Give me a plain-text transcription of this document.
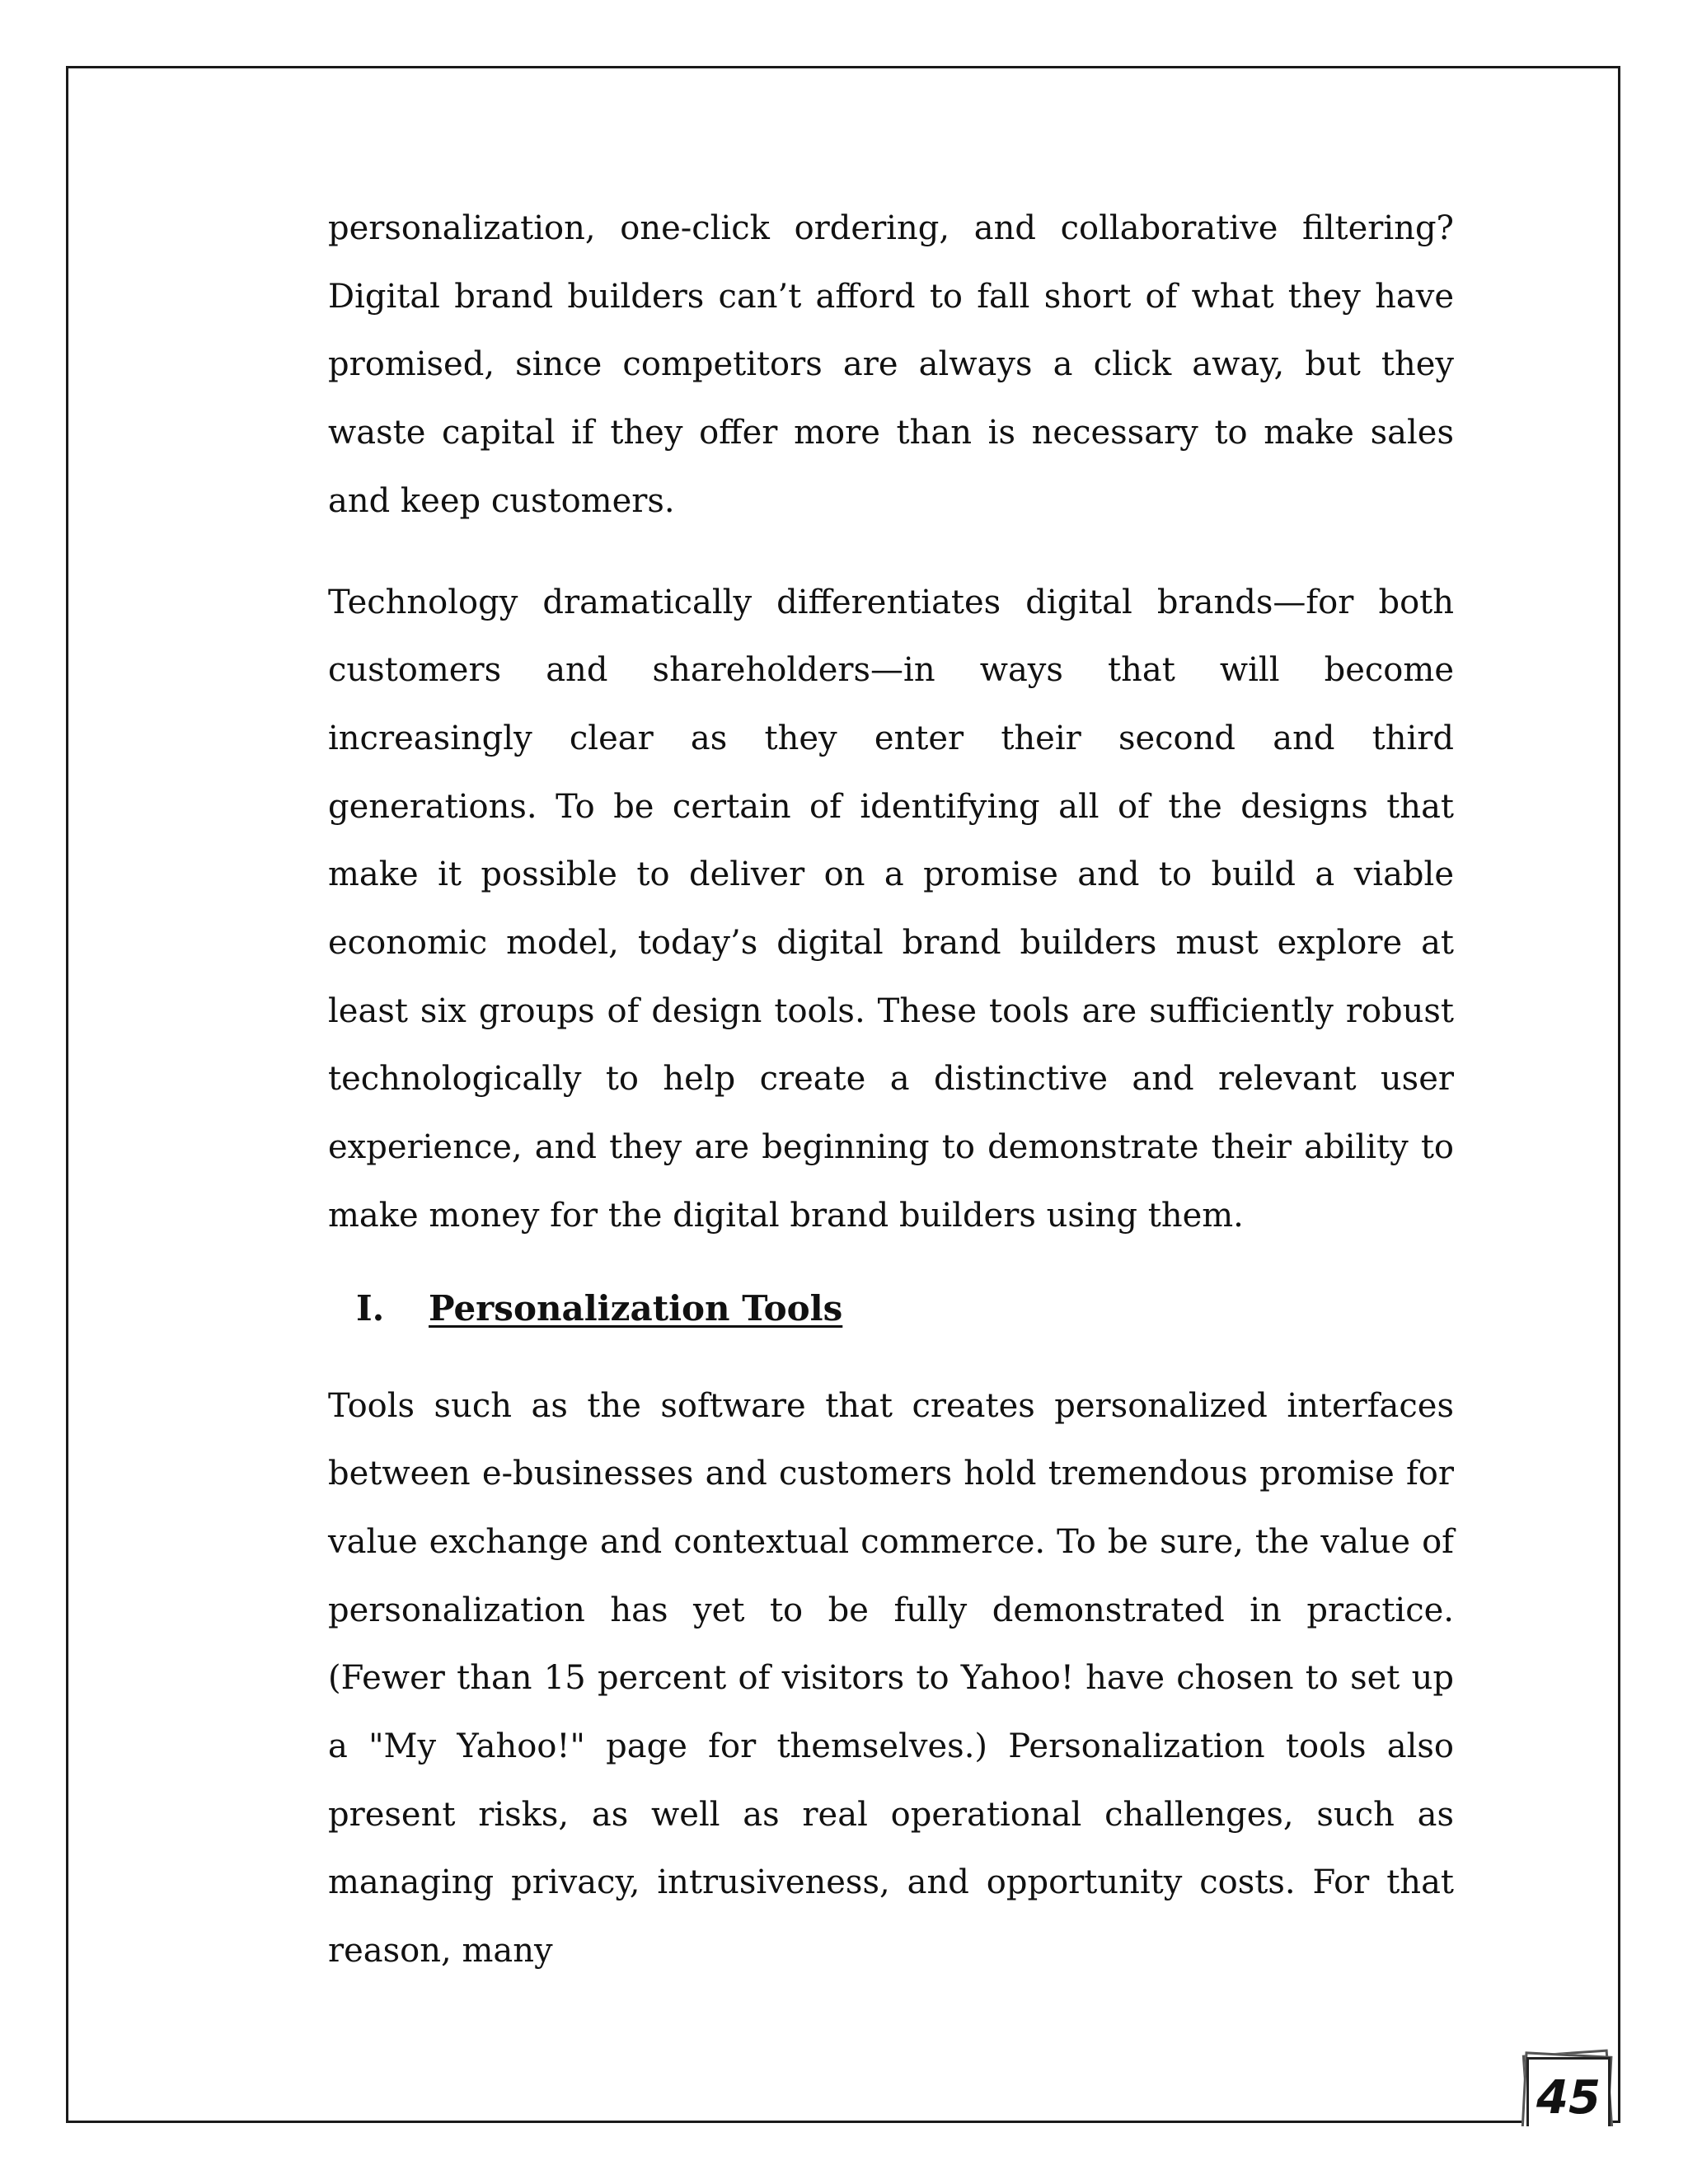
personalization, one-click ordering, and collaborative filtering? Digital brand builders can’t afford to fall short of what they have promised, since competitors are always a click away, but they waste capital if they offer more than is necessary to make sales and keep customers.

Technology dramatically differentiates digital brands—for both customers and shareholders—in ways that will become increasingly clear as they enter their second and third generations. To be certain of identifying all of the designs that make it possible to deliver on a promise and to build a viable economic model, today’s digital brand builders must explore at least six groups of design tools. These tools are sufficiently robust technologically to help create a distinctive and relevant user experience, and they are beginning to demonstrate their ability to make money for the digital brand builders using them.

I.	Personalization Tools

Tools such as the software that creates personalized interfaces between e-businesses and customers hold tremendous promise for value exchange and contextual commerce. To be sure, the value of personalization has yet to be fully demonstrated in practice. (Fewer than 15 percent of visitors to Yahoo! have chosen to set up a "My Yahoo!" page for themselves.) Personalization tools also present risks, as well as real operational challenges, such as managing privacy, intrusiveness, and opportunity costs. For that reason, many

45
